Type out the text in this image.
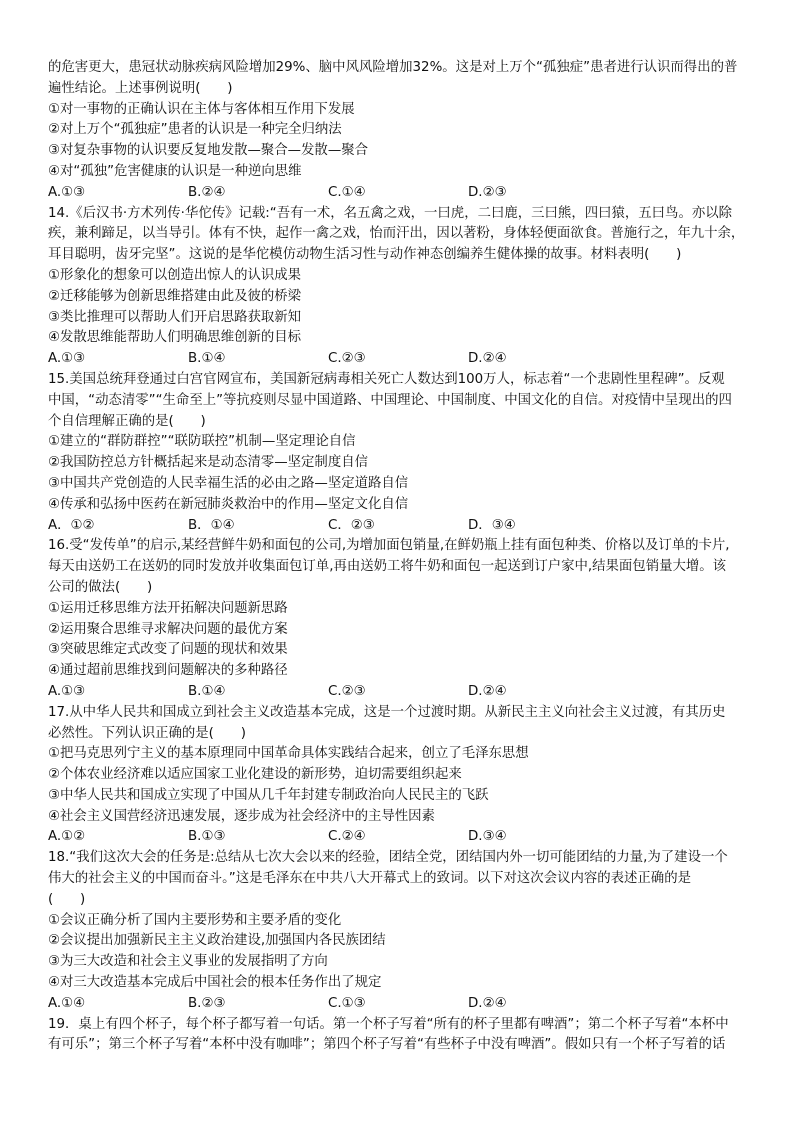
的危害更大，患冠状动脉疾病风险增加29%、脑中风风险增加32%。这是对上万个“孤独症”患者进行认识而得出的普
遍性结论。上述事例说明(　　)
①对一事物的正确认识在主体与客体相互作用下发展
②对上万个“孤独症”患者的认识是一种完全归纳法
③对复杂事物的认识要反复地发散—聚合—发散—聚合
④对“孤独”危害健康的认识是一种逆向思维
A.①③	B.②④	C.①④	D.②③
14.《后汉书·方术列传·华佗传》记载:“吾有一术，名五禽之戏，一曰虎，二曰鹿，三曰熊，四曰猿，五曰鸟。亦以除
疾，兼利蹄足，以当导引。体有不快，起作一禽之戏，怡而汗出，因以著粉，身体轻便面欲食。普施行之，年九十余，
耳目聪明，齿牙完坚”。这说的是华佗模仿动物生活习性与动作神态创编养生健体操的故事。材料表明(　　)
①形象化的想象可以创造出惊人的认识成果
②迁移能够为创新思维搭建由此及彼的桥梁
③类比推理可以帮助人们开启思路获取新知
④发散思维能帮助人们明确思维创新的目标
A.①③	B.①④	C.②③	D.②④
15.美国总统拜登通过白宫官网宣布，美国新冠病毒相关死亡人数达到100万人，标志着“一个悲剧性里程碑”。反观
中国，“动态清零”“生命至上”等抗疫则尽显中国道路、中国理论、中国制度、中国文化的自信。对疫情中呈现出的四
个自信理解正确的是(　　)
①建立的“群防群控”“联防联控”机制—坚定理论自信
②我国防控总方针概括起来是动态清零—坚定制度自信
③中国共产党创造的人民幸福生活的必由之路—坚定道路自信
④传承和弘扬中医药在新冠肺炎救治中的作用—坚定文化自信
A．①②	B．①④	C．②③	D．③④
16.受“发传单”的启示,某经营鲜牛奶和面包的公司,为增加面包销量,在鲜奶瓶上挂有面包种类、价格以及订单的卡片,
每天由送奶工在送奶的同时发放并收集面包订单,再由送奶工将牛奶和面包一起送到订户家中,结果面包销量大增。该
公司的做法(　　)
①运用迁移思维方法开拓解决问题新思路
②运用聚合思维寻求解决问题的最优方案
③突破思维定式改变了问题的现状和效果
④通过超前思维找到问题解决的多种路径
A.①③	B.①④	C.②③	D.②④
17.从中华人民共和国成立到社会主义改造基本完成，这是一个过渡时期。从新民主主义向社会主义过渡，有其历史
必然性。下列认识正确的是(　　)
①把马克思列宁主义的基本原理同中国革命具体实践结合起来，创立了毛泽东思想
②个体农业经济难以适应国家工业化建设的新形势，迫切需要组织起来
③中华人民共和国成立实现了中国从几千年封建专制政治向人民民主的飞跃
④社会主义国营经济迅速发展，逐步成为社会经济中的主导性因素
A.①②	B.①③	C.②④	D.③④
18.“我们这次大会的任务是:总结从七次大会以来的经验，团结全党，团结国内外一切可能团结的力量,为了建设一个
伟大的社会主义的中国而奋斗。”这是毛泽东在中共八大开幕式上的致词。以下对这次会议内容的表述正确的是
(　　)
①会议正确分析了国内主要形势和主要矛盾的变化
②会议提出加强新民主主义政治建设,加强国内各民族团结
③为三大改造和社会主义事业的发展指明了方向
④对三大改造基本完成后中国社会的根本任务作出了规定
A.①④	B.②③	C.①③	D.②④
19．桌上有四个杯子，每个杯子都写着一句话。第一个杯子写着“所有的杯子里都有啤酒”；第二个杯子写着“本杯中
有可乐”；第三个杯子写着“本杯中没有咖啡”；第四个杯子写着“有些杯子中没有啤酒”。假如只有一个杯子写着的话
